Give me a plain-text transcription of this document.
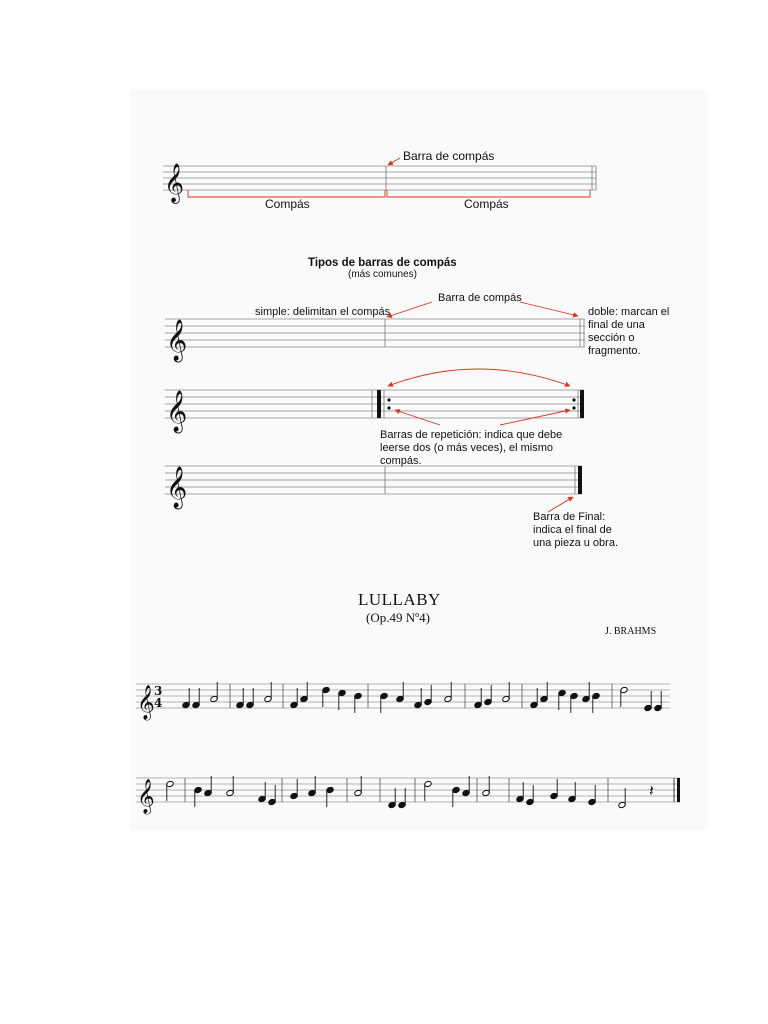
𝄞
𝄞
𝄞
𝄞
𝄞 3
4
𝄞	𝄽
Barra de compás
Compás	Compás
Tipos de barras de compás
(más comunes)
simple: delimitan el compás
Barra de compás
doble: marcan el final de una sección o fragmento.
Barras de repetición: indica que debe leerse dos (o más veces), el mismo compás.
Barra de Final: indica el final de una pieza u obra.
LULLABY
(Op.49 Nº4)
J. BRAHMS
